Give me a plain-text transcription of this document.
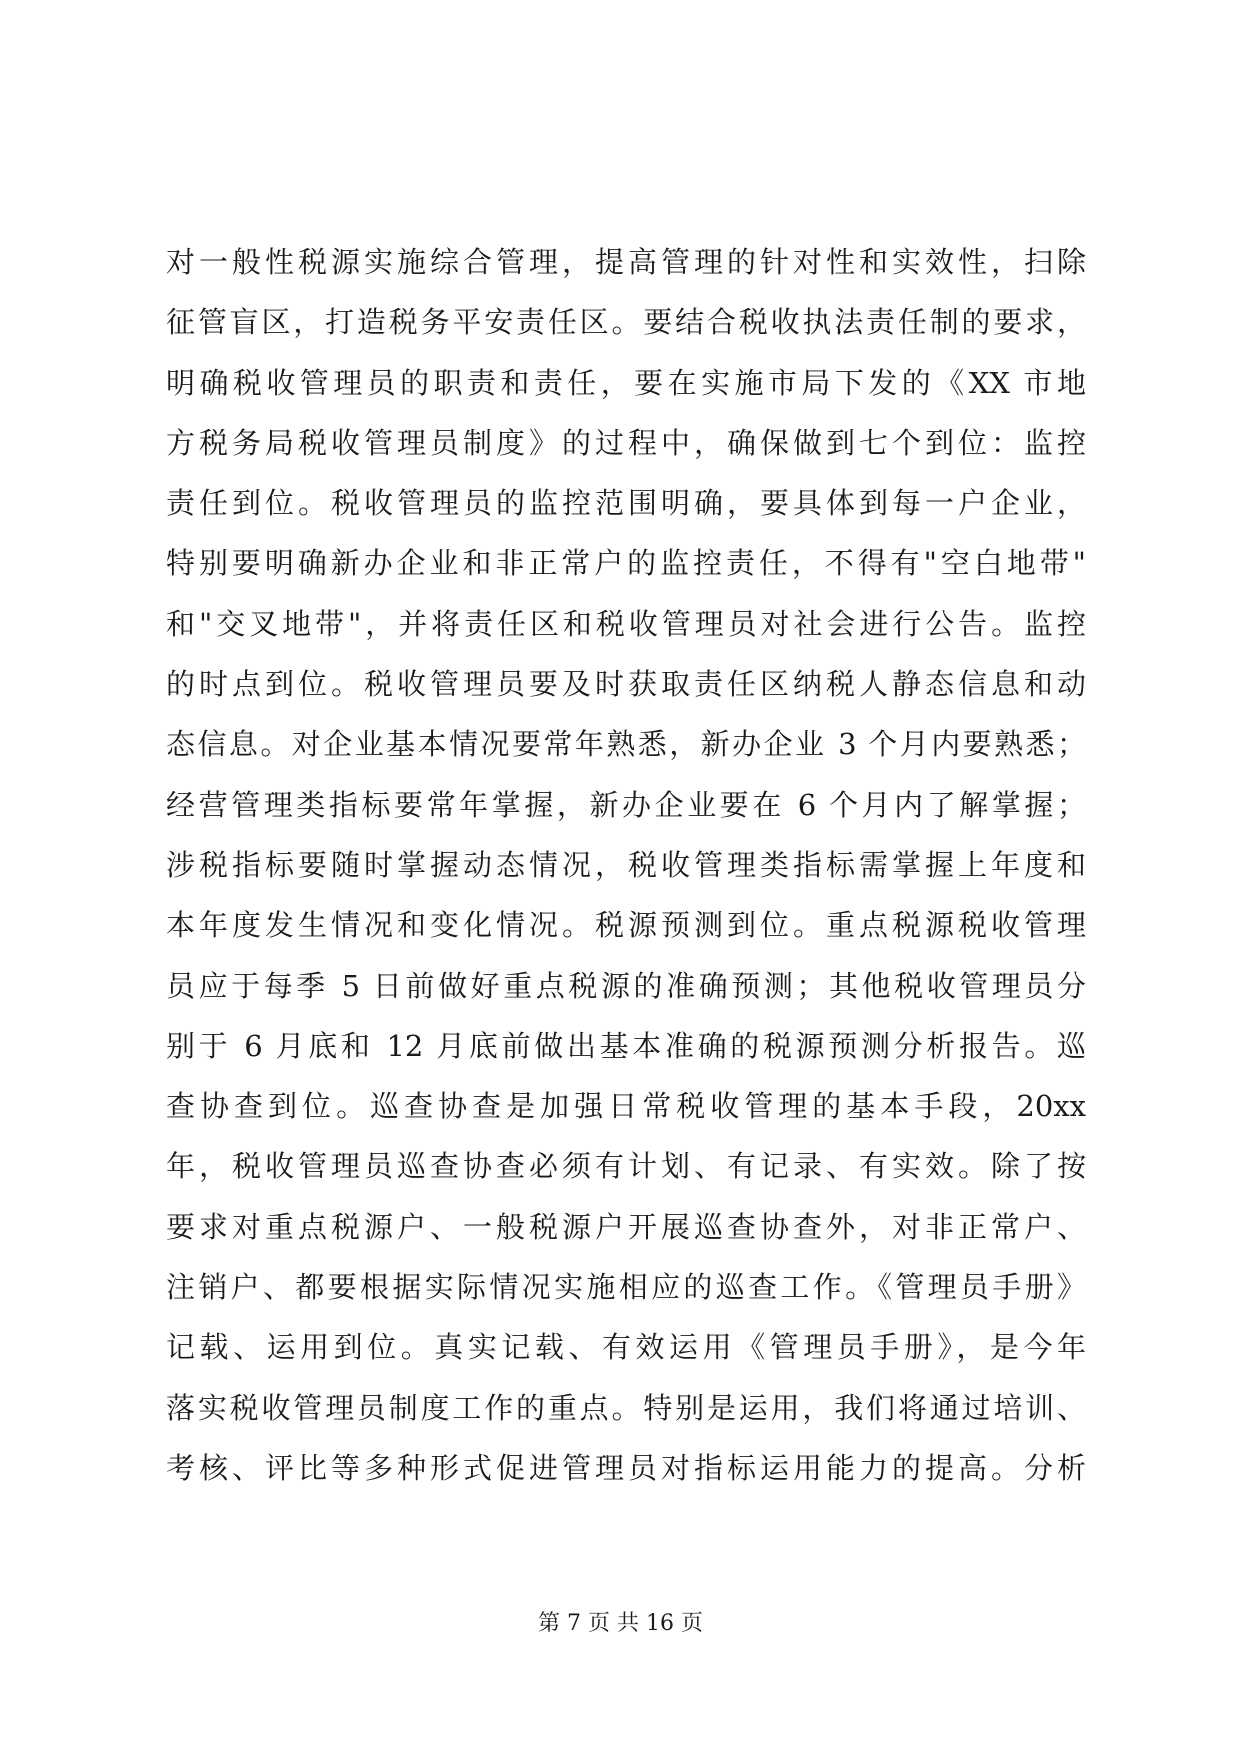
对一般性税源实施综合管理，提高管理的针对性和实效性，扫除
征管盲区，打造税务平安责任区。要结合税收执法责任制的要求，
明确税收管理员的职责和责任，要在实施市局下发的《XX 市地
方税务局税收管理员制度》的过程中，确保做到七个到位：监控
责任到位。税收管理员的监控范围明确，要具体到每一户企业，
特别要明确新办企业和非正常户的监控责任，不得有"空白地带"
和"交叉地带"，并将责任区和税收管理员对社会进行公告。监控
的时点到位。税收管理员要及时获取责任区纳税人静态信息和动
态信息。对企业基本情况要常年熟悉，新办企业 3 个月内要熟悉；
经营管理类指标要常年掌握，新办企业要在 6 个月内了解掌握；
涉税指标要随时掌握动态情况，税收管理类指标需掌握上年度和
本年度发生情况和变化情况。税源预测到位。重点税源税收管理
员应于每季 5 日前做好重点税源的准确预测；其他税收管理员分
别于 6 月底和 12 月底前做出基本准确的税源预测分析报告。巡
查协查到位。巡查协查是加强日常税收管理的基本手段，20xx
年，税收管理员巡查协查必须有计划、有记录、有实效。除了按
要求对重点税源户、一般税源户开展巡查协查外，对非正常户、
注销户、都要根据实际情况实施相应的巡查工作。《管理员手册》
记载、运用到位。真实记载、有效运用《管理员手册》，是今年
落实税收管理员制度工作的重点。特别是运用，我们将通过培训、
考核、评比等多种形式促进管理员对指标运用能力的提高。分析
第 7 页 共 16 页
